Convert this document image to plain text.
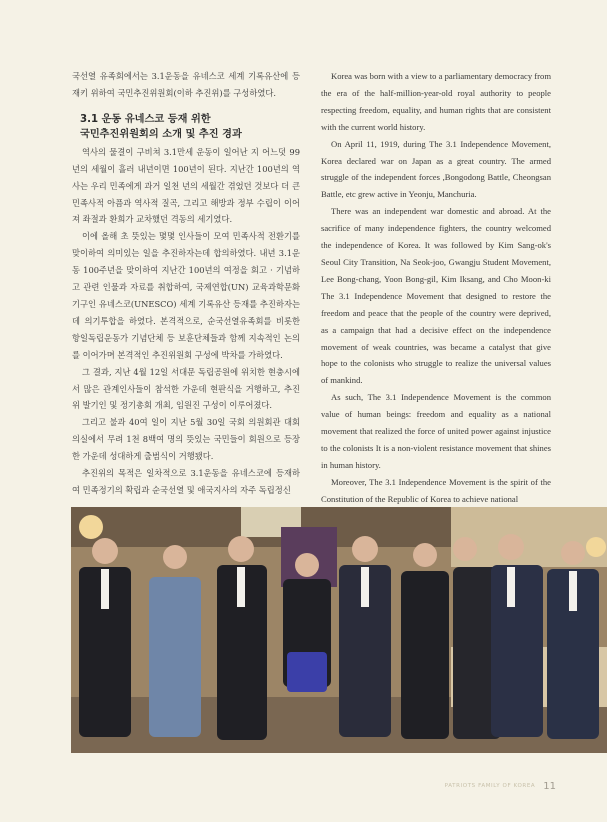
국선열 유족회에서는 3.1운동을 유네스코 세계 기록유산에 등재키 위하여 국민추진위원회(이하 추진위)를 구성하였다.

3.1 운동 유네스코 등재 위한
국민추진위원회의 소개 및 추진 경과

역사의 물결이 구비쳐 3.1만세 운동이 일어난 지 어느덧 99년의 세월이 흘러 내년이면 100년이 된다. 지난간 100년의 역사는 우리 민족에게 과거 일천 년의 세월간 겪었던 것보다 더 큰 민족사적 아픔과 역사적 질곡, 그리고 해방과 정부 수립이 이어져 좌절과 환희가 교차했던 격동의 세기였다.

이에 올해 초 뜻있는 몇몇 인사들이 모여 민족사적 전환기를 맞이하여 의미있는 일을 추진하자는데 합의하였다. 내년 3.1운동 100주년을 맞이하여 지난간 100년의 여정을 회고 · 기념하고 관련 인물과 자료를 취합하여, 국제연합(UN) 교육과학문화기구인 유네스코(UNESCO) 세계 기록유산 등재를 추진하자는데 의기투합을 하였다. 본격적으로, 순국선열유족회를 비롯한 항일독립운동가 기념단체 등 보훈단체들과 함께 지속적인 논의를 이어가며 본격적인 추진위원회 구성에 박차를 가하였다.

그 결과, 지난 4월 12일 서대문 독립공원에 위치한 현충시에서 많은 관계인사들이 참석한 가운데 현판식을 거행하고, 추진위 발기인 및 정기총회 개최, 임원진 구성이 이루어졌다.

그리고 불과 40여 일이 지난 5월 30일 국회 의원회관 대회의실에서 무려 1천 8백여 명의 뜻있는 국민들이 회원으로 등장한 가운데 성대하게 출범식이 거행됐다.

추진위의 목적은 일차적으로 3.1운동을 유네스코에 등재하여 민족정기의 확립과 순국선열 및 애국지사의 자주 독립정신

Korea was born with a view to a parliamentary democracy from the era of the half-million-year-old royal authority to people respecting freedom, equality, and human rights that are consistent with the current world history.

On April 11, 1919, during The 3.1 Independence Movement, Korea declared war on Japan as a great country. The armed struggle of the independent forces ,Bongodong Battle, Cheongsan Battle, etc grew active in Yeonju, Manchuria.

There was an independent war domestic and abroad. At the sacrifice of many independence fighters, the country welcomed the independence of Korea. It was followed by Kim Sang-ok's Seoul City Transition, Na Seok-joo, Gwangju Student Movement, Lee Bong-chang, Yoon Bong-gil, Kim Iksang, and Cho Moon-ki The 3.1 Independence Movement that designed to restore the freedom and peace that the people of the country were deprived, as a campaign that had a decisive effect on the independence movement of weak countries, was became a catalyst that give hope to the colonists who struggle to realize the universal values of mankind.

As such, The 3.1 Independence Movement is the common value of human beings: freedom and equality as a national movement that realized the force of united power against injustice to the colonists It is a non-violent resistance movement that shines in human history.

Moreover, The 3.1 Independence Movement is the spirit of the Constitution of the Republic of Korea to achieve national

PATRIOTS FAMILY OF KOREA 11
